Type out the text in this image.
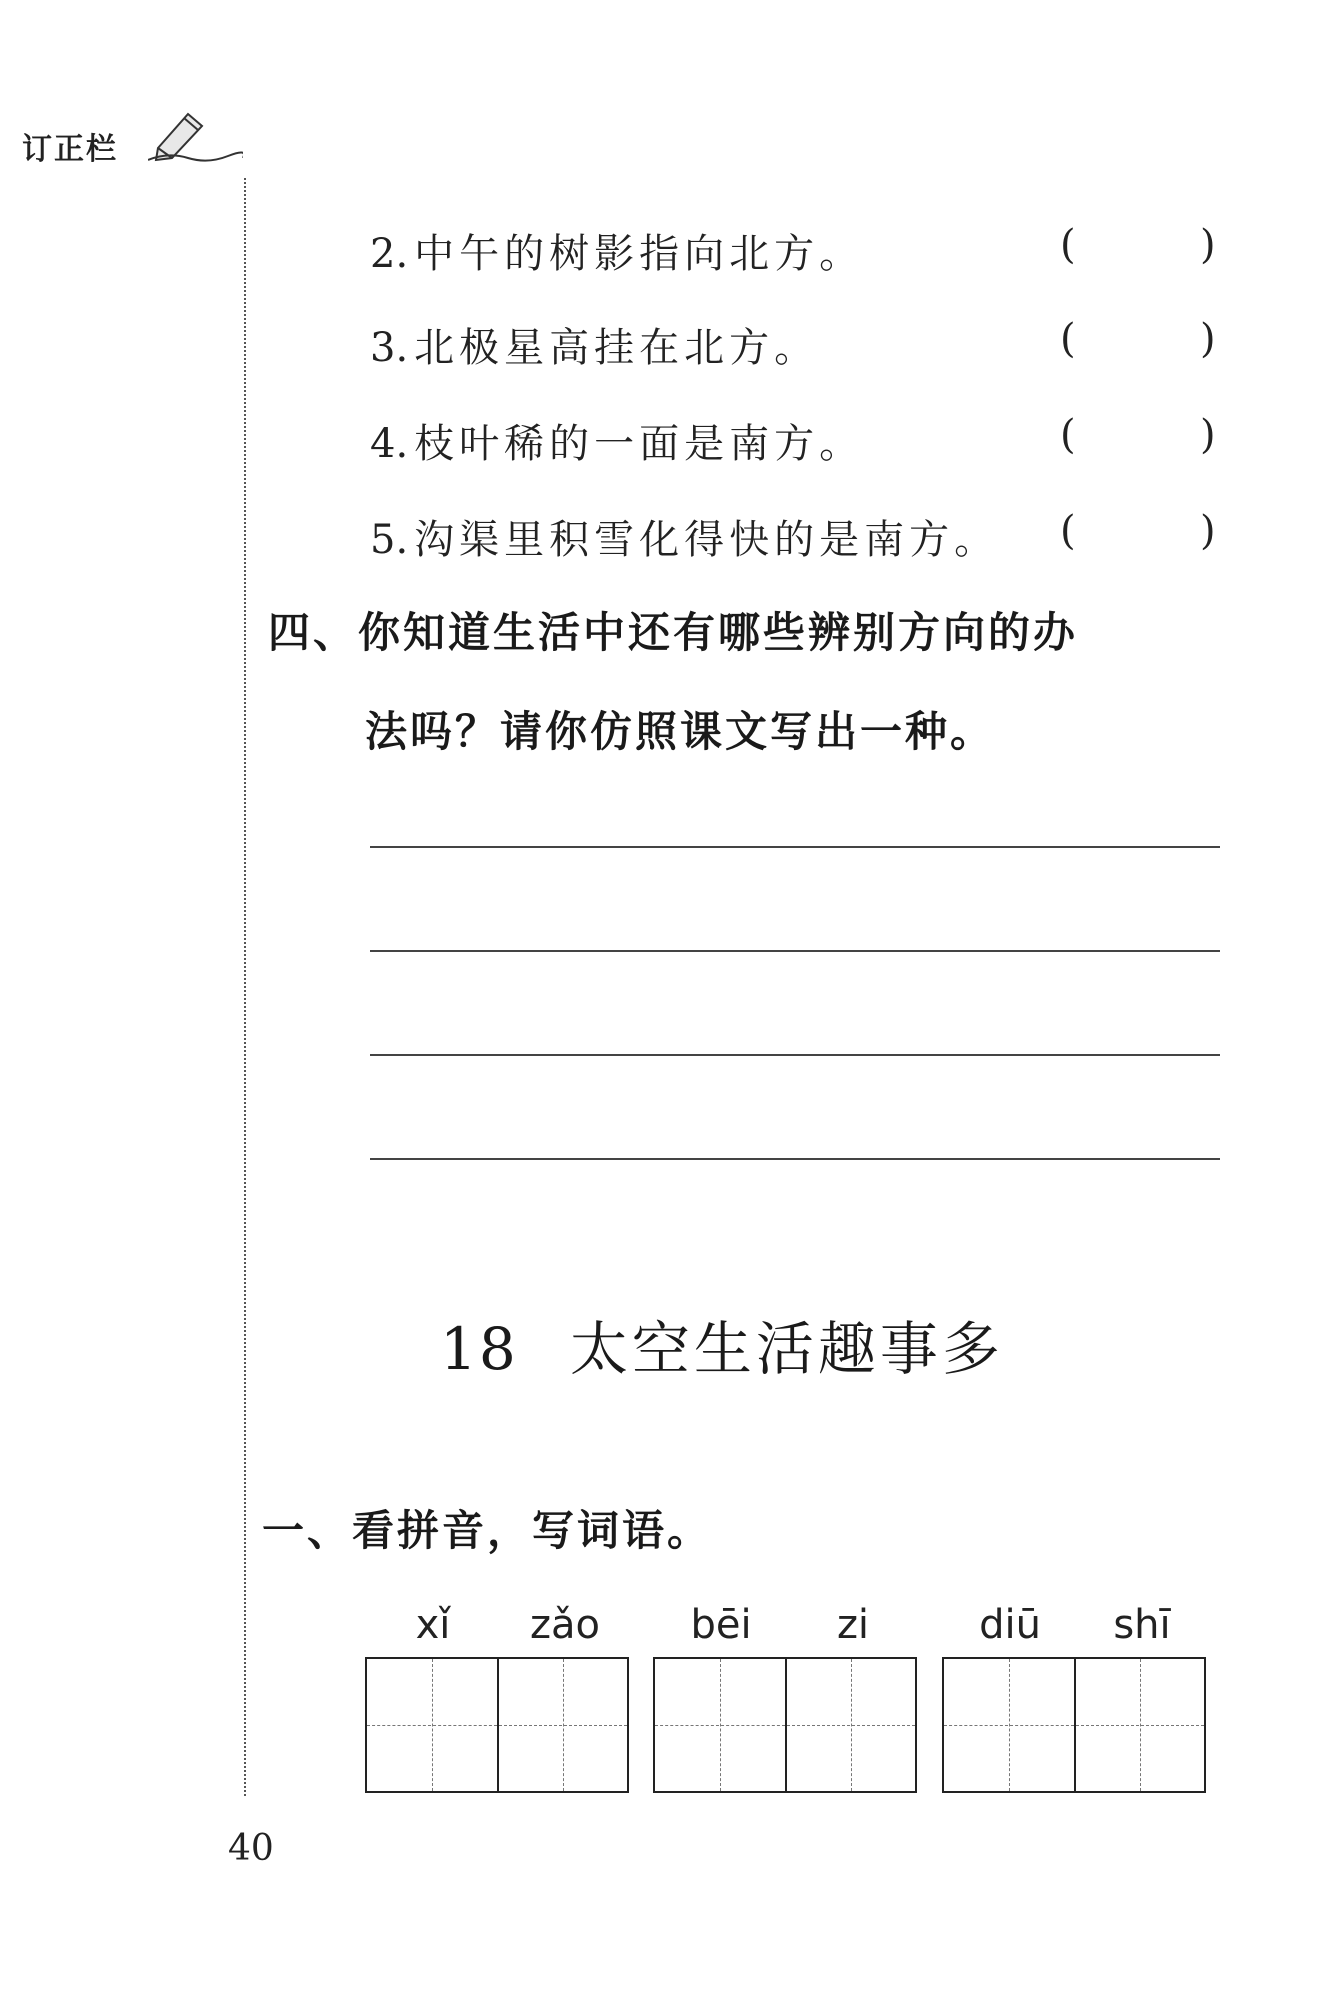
订正栏
2. 中午的树影指向北方。	(	)
3. 北极星高挂在北方。	(	)
4. 枝叶稀的一面是南方。	(	)
5. 沟渠里积雪化得快的是南方。 (	)
四、你知道生活中还有哪些辨别方向的办
法吗？请你仿照课文写出一种。
18 太空生活趣事多
一、看拼音，写词语。
xǐ	zǎo	bēi	zi	diū	shī
40
